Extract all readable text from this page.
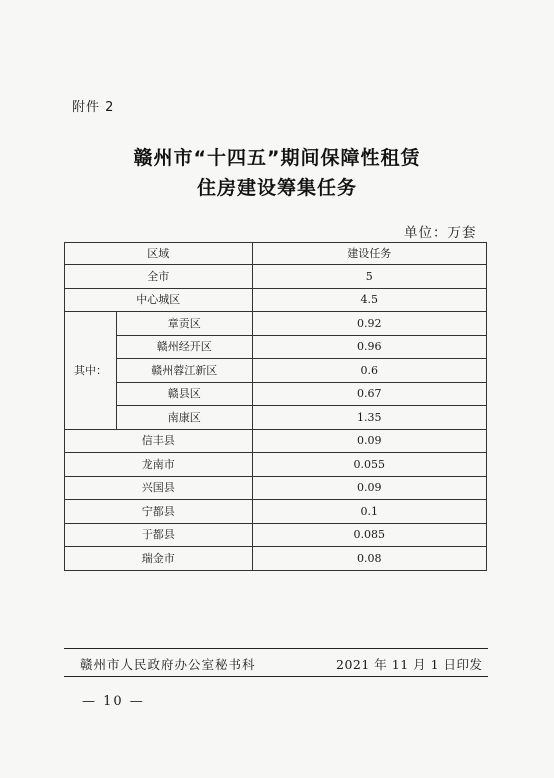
附件 2
赣州市“十四五”期间保障性租赁
住房建设筹集任务
单位：万套
区域		建设任务
全市		5
中心城区		4.5
其中：	章贡区	0.92
	赣州经开区	0.96
	赣州蓉江新区	0.6
	赣县区	0.67
	南康区	1.35
信丰县		0.09
龙南市		0.055
兴国县		0.09
宁都县		0.1
于都县		0.085
瑞金市		0.08
赣州市人民政府办公室秘书科	2021 年 11 月 1 日印发
— 10 —
